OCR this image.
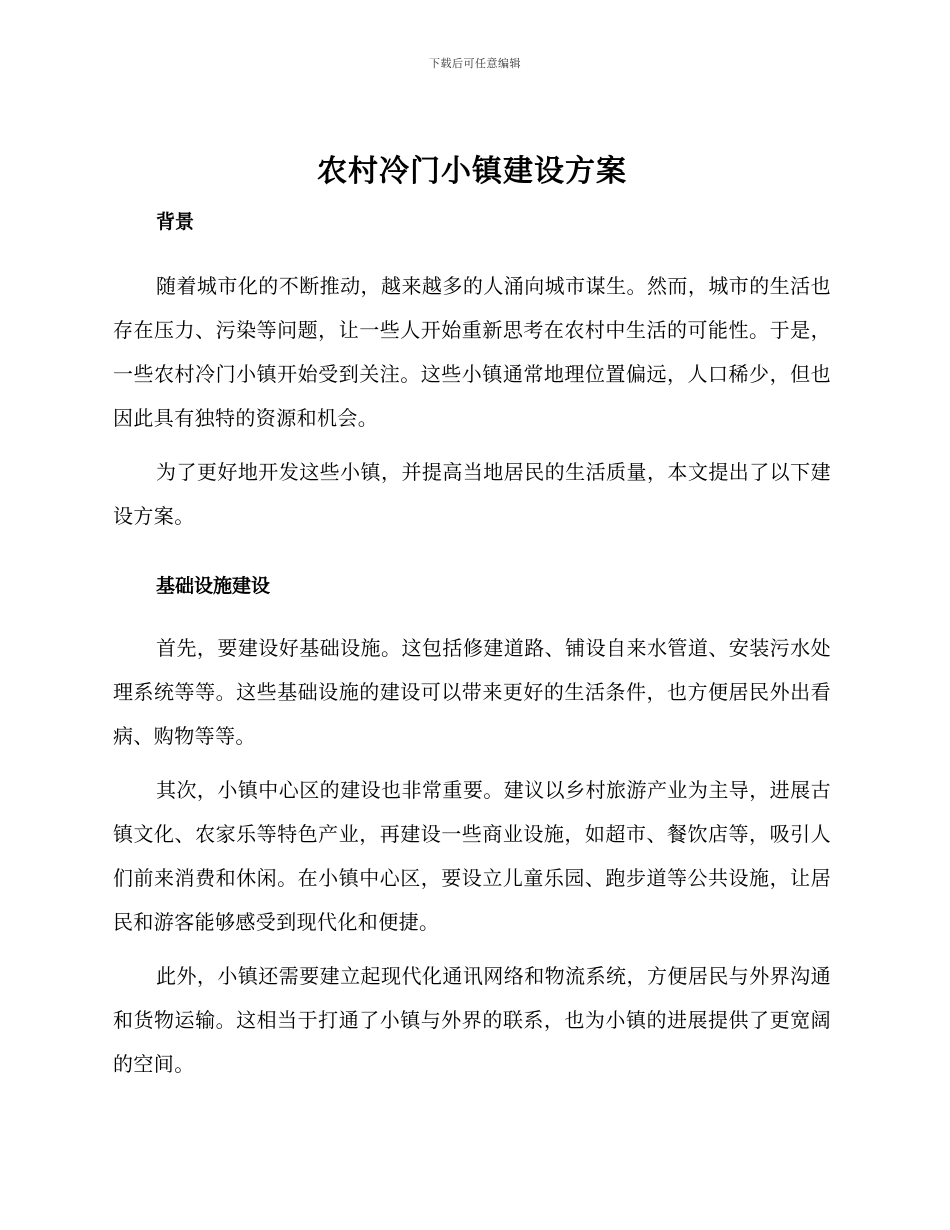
下载后可任意编辑
农村冷门小镇建设方案
背景

随着城市化的不断推动，越来越多的人涌向城市谋生。然而，城市的生活也存在压力、污染等问题，让一些人开始重新思考在农村中生活的可能性。于是，一些农村冷门小镇开始受到关注。这些小镇通常地理位置偏远，人口稀少，但也因此具有独特的资源和机会。

为了更好地开发这些小镇，并提高当地居民的生活质量，本文提出了以下建设方案。

基础设施建设

首先，要建设好基础设施。这包括修建道路、铺设自来水管道、安装污水处理系统等等。这些基础设施的建设可以带来更好的生活条件，也方便居民外出看病、购物等等。

其次，小镇中心区的建设也非常重要。建议以乡村旅游产业为主导，进展古镇文化、农家乐等特色产业，再建设一些商业设施，如超市、餐饮店等，吸引人们前来消费和休闲。在小镇中心区，要设立儿童乐园、跑步道等公共设施，让居民和游客能够感受到现代化和便捷。

此外，小镇还需要建立起现代化通讯网络和物流系统，方便居民与外界沟通和货物运输。这相当于打通了小镇与外界的联系，也为小镇的进展提供了更宽阔的空间。
